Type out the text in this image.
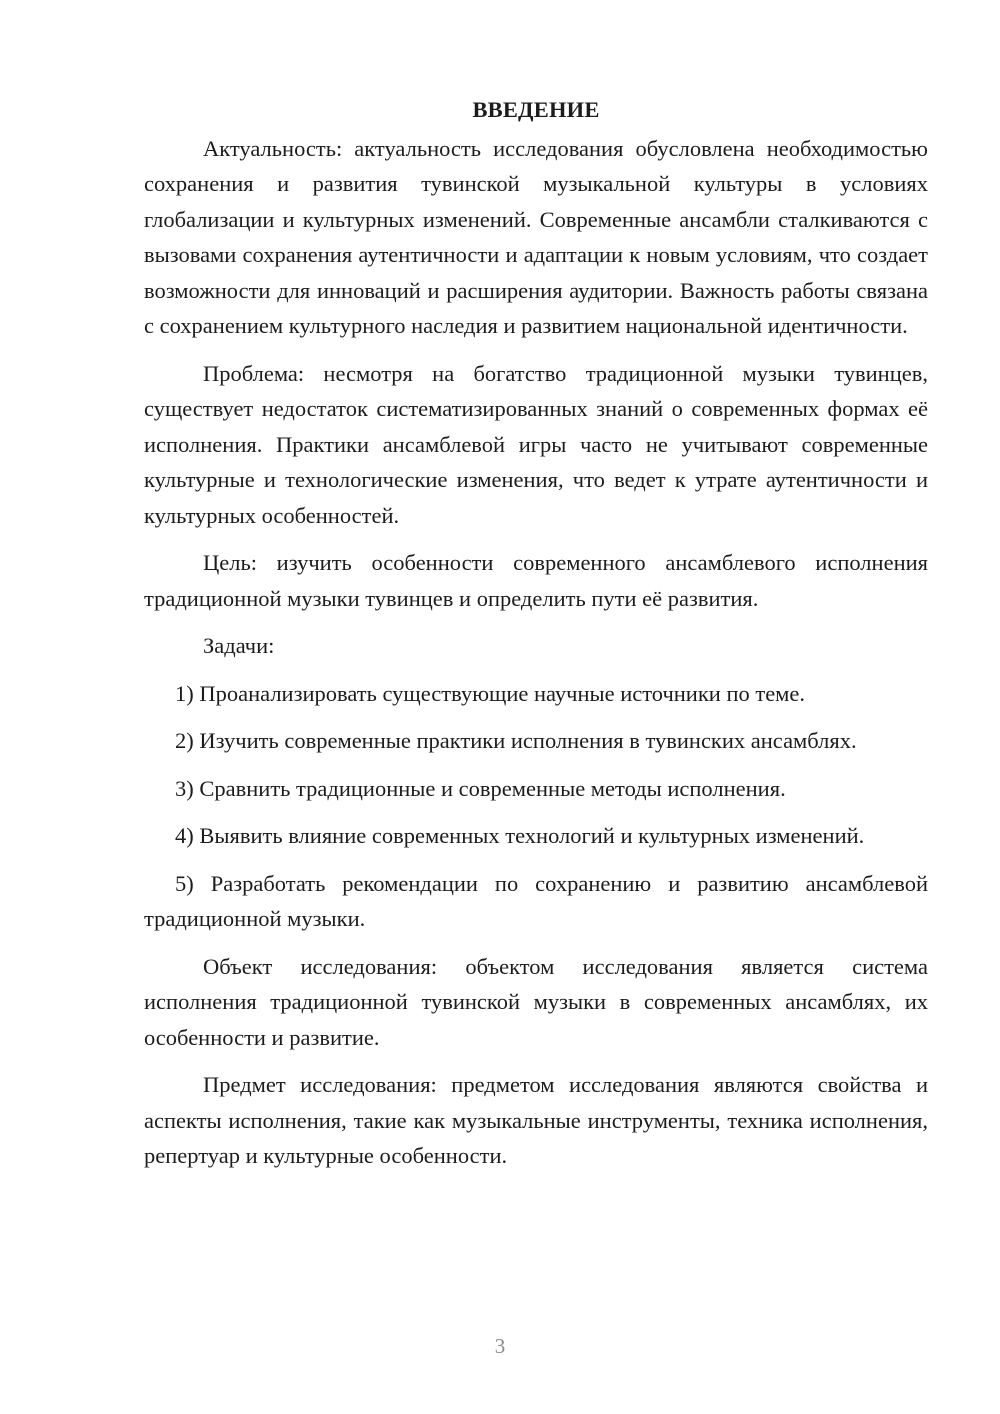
ВВЕДЕНИЕ

Актуальность: актуальность исследования обусловлена необходимостью сохранения и развития тувинской музыкальной культуры в условиях глобализации и культурных изменений. Современные ансамбли сталкиваются с вызовами сохранения аутентичности и адаптации к новым условиям, что создает возможности для инноваций и расширения аудитории. Важность работы связана с сохранением культурного наследия и развитием национальной идентичности.

Проблема: несмотря на богатство традиционной музыки тувинцев, существует недостаток систематизированных знаний о современных формах её исполнения. Практики ансамблевой игры часто не учитывают современные культурные и технологические изменения, что ведет к утрате аутентичности и культурных особенностей.

Цель: изучить особенности современного ансамблевого исполнения традиционной музыки тувинцев и определить пути её развития.

Задачи:

1) Проанализировать существующие научные источники по теме.

2) Изучить современные практики исполнения в тувинских ансамблях.

3) Сравнить традиционные и современные методы исполнения.

4) Выявить влияние современных технологий и культурных изменений.

5) Разработать рекомендации по сохранению и развитию ансамблевой традиционной музыки.

Объект исследования: объектом исследования является система исполнения традиционной тувинской музыки в современных ансамблях, их особенности и развитие.

Предмет исследования: предметом исследования являются свойства и аспекты исполнения, такие как музыкальные инструменты, техника исполнения, репертуар и культурные особенности.

3
